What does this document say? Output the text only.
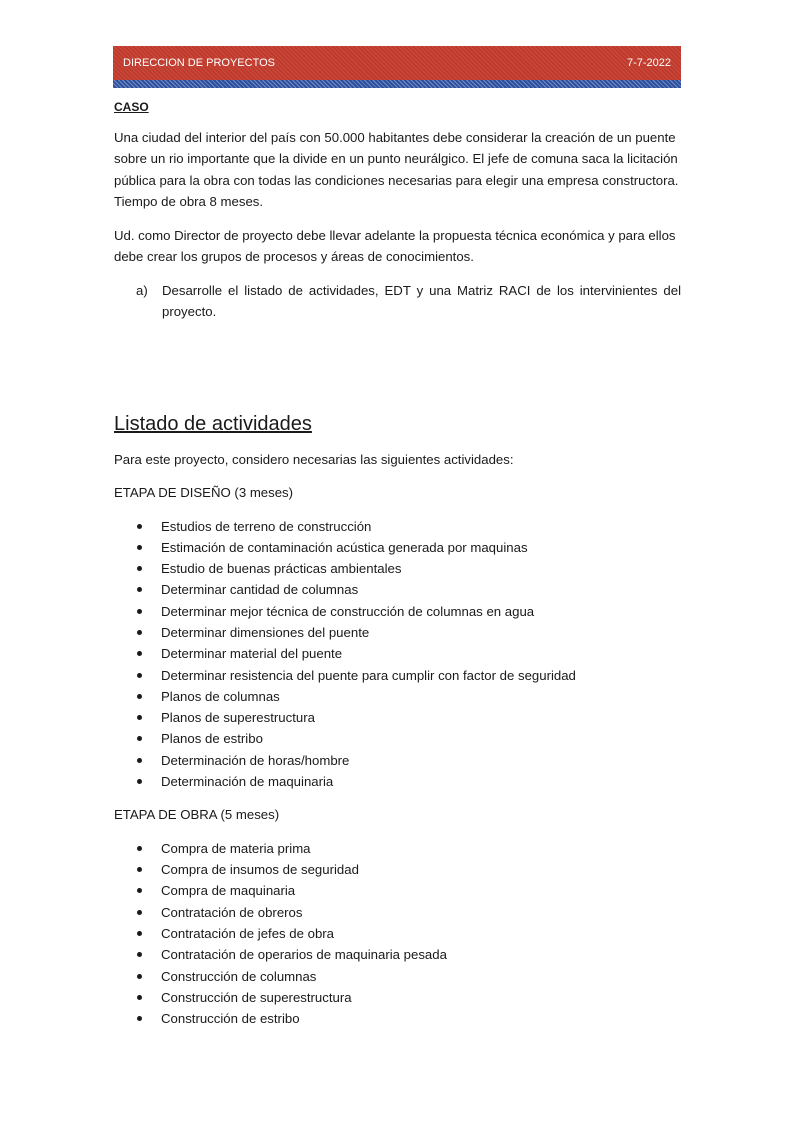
DIRECCION DE PROYECTOS	7-7-2022
CASO

Una ciudad del interior del país con 50.000 habitantes debe considerar la creación de un puente sobre un rio importante que la divide en un punto neurálgico. El jefe de comuna saca la licitación pública para la obra con todas las condiciones necesarias para elegir una empresa constructora. Tiempo de obra 8 meses.

Ud. como Director de proyecto debe llevar adelante la propuesta técnica económica y para ellos debe crear los grupos de procesos y áreas de conocimientos.

a)	Desarrolle el listado de actividades, EDT y una Matriz RACI de los intervinientes del proyecto.
Listado de actividades

Para este proyecto, considero necesarias las siguientes actividades:

ETAPA DE DISEÑO (3 meses)
Estudios de terreno de construcción
Estimación de contaminación acústica generada por maquinas
Estudio de buenas prácticas ambientales
Determinar cantidad de columnas
Determinar mejor técnica de construcción de columnas en agua
Determinar dimensiones del puente
Determinar material del puente
Determinar resistencia del puente para cumplir con factor de seguridad
Planos de columnas
Planos de superestructura
Planos de estribo
Determinación de horas/hombre
Determinación de maquinaria
ETAPA DE OBRA (5 meses)
Compra de materia prima
Compra de insumos de seguridad
Compra de maquinaria
Contratación de obreros
Contratación de jefes de obra
Contratación de operarios de maquinaria pesada
Construcción de columnas
Construcción de superestructura
Construcción de estribo
